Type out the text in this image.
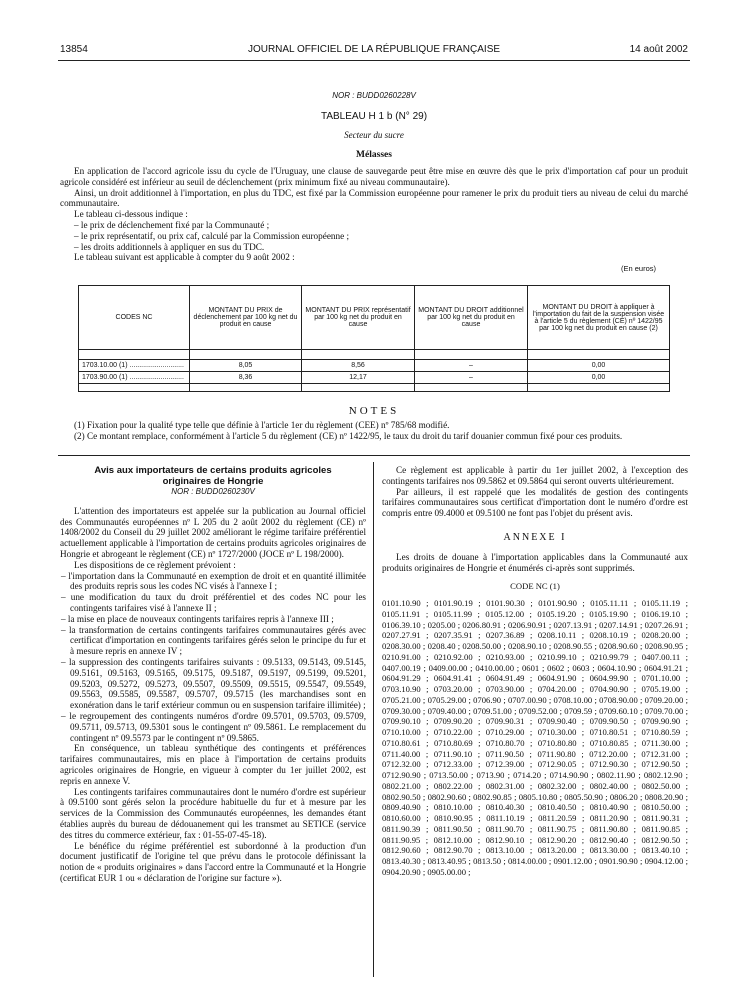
13854	JOURNAL OFFICIEL DE LA RÉPUBLIQUE FRANÇAISE	14 août 2002
NOR : BUDD0260228V
TABLEAU H 1 b (N° 29)
Secteur du sucre
Mélasses
En application de l'accord agricole issu du cycle de l'Uruguay, une clause de sauvegarde peut être mise en œuvre dès que le prix d'importation caf pour un produit agricole considéré est inférieur au seuil de déclenchement (prix minimum fixé au niveau communautaire).
Ainsi, un droit additionnel à l'importation, en plus du TDC, est fixé par la Commission européenne pour ramener le prix du produit tiers au niveau de celui du marché communautaire.
Le tableau ci-dessous indique :
– le prix de déclenchement fixé par la Communauté ;
– le prix représentatif, ou prix caf, calculé par la Commission européenne ;
– les droits additionnels à appliquer en sus du TDC.
Le tableau suivant est applicable à compter du 9 août 2002 :
(En euros)
CODES NC	MONTANT DU PRIX de déclenchement par 100 kg net du produit en cause	MONTANT DU PRIX représentatif par 100 kg net du produit en cause	MONTANT DU DROIT additionnel par 100 kg net du produit en cause	MONTANT DU DROIT à appliquer à l'importation du fait de la suspension visée à l'article 5 du règlement (CE) nº 1422/95 par 100 kg net du produit en cause (2)

1703.10.00 (1) ............................	8,05	8,56	–	0,00
1703.90.00 (1) ............................	8,36	12,17	–	0,00

NOTES
(1) Fixation pour la qualité type telle que définie à l'article 1er du règlement (CEE) nº 785/68 modifié.
(2) Ce montant remplace, conformément à l'article 5 du règlement (CE) nº 1422/95, le taux du droit du tarif douanier commun fixé pour ces produits.
Avis aux importateurs de certains produits agricoles
originaires de Hongrie
NOR : BUDD0260230V
L'attention des importateurs est appelée sur la publication au Journal officiel des Communautés européennes nº L 205 du 2 août 2002 du règlement (CE) nº 1408/2002 du Conseil du 29 juillet 2002 améliorant le régime tarifaire préférentiel actuellement applicable à l'importation de certains produits agricoles originaires de Hongrie et abrogeant le règlement (CE) nº 1727/2000 (JOCE nº L 198/2000).
Les dispositions de ce règlement prévoient :
– l'importation dans la Communauté en exemption de droit et en quantité illimitée des produits repris sous les codes NC visés à l'annexe I ;
– une modification du taux du droit préférentiel et des codes NC pour les contingents tarifaires visé à l'annexe II ;
– la mise en place de nouveaux contingents tarifaires repris à l'annexe III ;
– la transformation de certains contingents tarifaires communautaires gérés avec certificat d'importation en contingents tarifaires gérés selon le principe du fur et à mesure repris en annexe IV ;
– la suppression des contingents tarifaires suivants : 09.5133, 09.5143, 09.5145, 09.5161, 09.5163, 09.5165, 09.5175, 09.5187, 09.5197, 09.5199, 09.5201, 09.5203, 09.5272, 09.5273, 09.5507, 09.5509, 09.5515, 09.5547, 09.5549, 09.5563, 09.5585, 09.5587, 09.5707, 09.5715 (les marchandises sont en exonération dans le tarif extérieur commun ou en suspension tarifaire illimitée) ;
– le regroupement des contingents numéros d'ordre 09.5701, 09.5703, 09.5709, 09.5711, 09.5713, 09.5301 sous le contingent nº 09.5861. Le remplacement du contingent nº 09.5573 par le contingent nº 09.5865.
En conséquence, un tableau synthétique des contingents et préférences tarifaires communautaires, mis en place à l'importation de certains produits agricoles originaires de Hongrie, en vigueur à compter du 1er juillet 2002, est repris en annexe V.
Les contingents tarifaires communautaires dont le numéro d'ordre est supérieur à 09.5100 sont gérés selon la procédure habituelle du fur et à mesure par les services de la Commission des Communautés européennes, les demandes étant établies auprès du bureau de dédouanement qui les transmet au SETICE (service des titres du commerce extérieur, fax : 01-55-07-45-18).
Le bénéfice du régime préférentiel est subordonné à la production d'un document justificatif de l'origine tel que prévu dans le protocole définissant la notion de « produits originaires » dans l'accord entre la Communauté et la Hongrie (certificat EUR 1 ou « déclaration de l'origine sur facture »).
Ce règlement est applicable à partir du 1er juillet 2002, à l'exception des contingents tarifaires nos 09.5862 et 09.5864 qui seront ouverts ultérieurement.
Par ailleurs, il est rappelé que les modalités de gestion des contingents tarifaires communautaires sous certificat d'importation dont le numéro d'ordre est compris entre 09.4000 et 09.5100 ne font pas l'objet du présent avis.
ANNEXE I
Les droits de douane à l'importation applicables dans la Communauté aux produits originaires de Hongrie et énumérés ci-après sont supprimés.
CODE NC (1)
0101.10.90 ; 0101.90.19 ; 0101.90.30 ; 0101.90.90 ; 0105.11.11 ; 0105.11.19 ; 0105.11.91 ; 0105.11.99 ; 0105.12.00 ; 0105.19.20 ; 0105.19.90 ; 0106.19.10 ; 0106.39.10 ; 0205.00 ; 0206.80.91 ; 0206.90.91 ; 0207.13.91 ; 0207.14.91 ; 0207.26.91 ; 0207.27.91 ; 0207.35.91 ; 0207.36.89 ; 0208.10.11 ; 0208.10.19 ; 0208.20.00 ; 0208.30.00 ; 0208.40 ; 0208.50.00 ; 0208.90.10 ; 0208.90.55 ; 0208.90.60 ; 0208.90.95 ; 0210.91.00 ; 0210.92.00 ; 0210.93.00 ; 0210.99.10 ; 0210.99.79 ; 0407.00.11 ; 0407.00.19 ; 0409.00.00 ; 0410.00.00 ; 0601 ; 0602 ; 0603 ; 0604.10.90 ; 0604.91.21 ; 0604.91.29 ; 0604.91.41 ; 0604.91.49 ; 0604.91.90 ; 0604.99.90 ; 0701.10.00 ; 0703.10.90 ; 0703.20.00 ; 0703.90.00 ; 0704.20.00 ; 0704.90.90 ; 0705.19.00 ; 0705.21.00 ; 0705.29.00 ; 0706.90 ; 0707.00.90 ; 0708.10.00 ; 0708.90.00 ; 0709.20.00 ; 0709.30.00 ; 0709.40.00 ; 0709.51.00 ; 0709.52.00 ; 0709.59 ; 0709.60.10 ; 0709.70.00 ; 0709.90.10 ; 0709.90.20 ; 0709.90.31 ; 0709.90.40 ; 0709.90.50 ; 0709.90.90 ; 0710.10.00 ; 0710.22.00 ; 0710.29.00 ; 0710.30.00 ; 0710.80.51 ; 0710.80.59 ; 0710.80.61 ; 0710.80.69 ; 0710.80.70 ; 0710.80.80 ; 0710.80.85 ; 0711.30.00 ; 0711.40.00 ; 0711.90.10 ; 0711.90.50 ; 0711.90.80 ; 0712.20.00 ; 0712.31.00 ; 0712.32.00 ; 0712.33.00 ; 0712.39.00 ; 0712.90.05 ; 0712.90.30 ; 0712.90.50 ; 0712.90.90 ; 0713.50.00 ; 0713.90 ; 0714.20 ; 0714.90.90 ; 0802.11.90 ; 0802.12.90 ; 0802.21.00 ; 0802.22.00 ; 0802.31.00 ; 0802.32.00 ; 0802.40.00 ; 0802.50.00 ; 0802.90.50 ; 0802.90.60 ; 0802.90.85 ; 0805.10.80 ; 0805.50.90 ; 0806.20 ; 0808.20.90 ; 0809.40.90 ; 0810.10.00 ; 0810.40.30 ; 0810.40.50 ; 0810.40.90 ; 0810.50.00 ; 0810.60.00 ; 0810.90.95 ; 0811.10.19 ; 0811.20.59 ; 0811.20.90 ; 0811.90.31 ; 0811.90.39 ; 0811.90.50 ; 0811.90.70 ; 0811.90.75 ; 0811.90.80 ; 0811.90.85 ; 0811.90.95 ; 0812.10.00 ; 0812.90.10 ; 0812.90.20 ; 0812.90.40 ; 0812.90.50 ; 0812.90.60 ; 0812.90.70 ; 0813.10.00 ; 0813.20.00 ; 0813.30.00 ; 0813.40.10 ; 0813.40.30 ; 0813.40.95 ; 0813.50 ; 0814.00.00 ; 0901.12.00 ; 0901.90.90 ; 0904.12.00 ; 0904.20.90 ; 0905.00.00 ;
